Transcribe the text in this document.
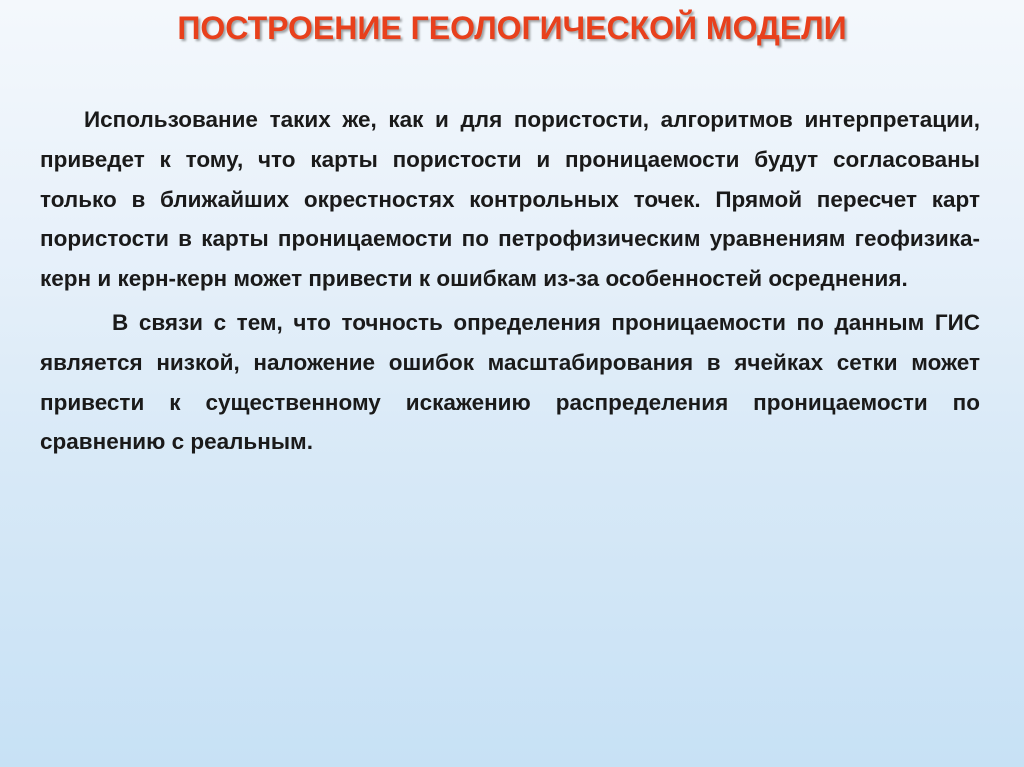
ПОСТРОЕНИЕ ГЕОЛОГИЧЕСКОЙ МОДЕЛИ

Использование таких же, как и для пористости, алгоритмов интерпретации, приведет к тому, что карты пористости и проницаемости будут согласованы только в ближайших окрестностях контрольных точек. Прямой пересчет карт пористости в карты проницаемости по петрофизическим уравнениям геофизика-керн и керн-керн может привести к ошибкам из-за особенностей осреднения.

В связи с тем, что точность определения проницаемости по данным ГИС является низкой, наложение ошибок масштабирования в ячейках сетки может привести к существенному искажению распределения проницаемости по сравнению с реальным.
